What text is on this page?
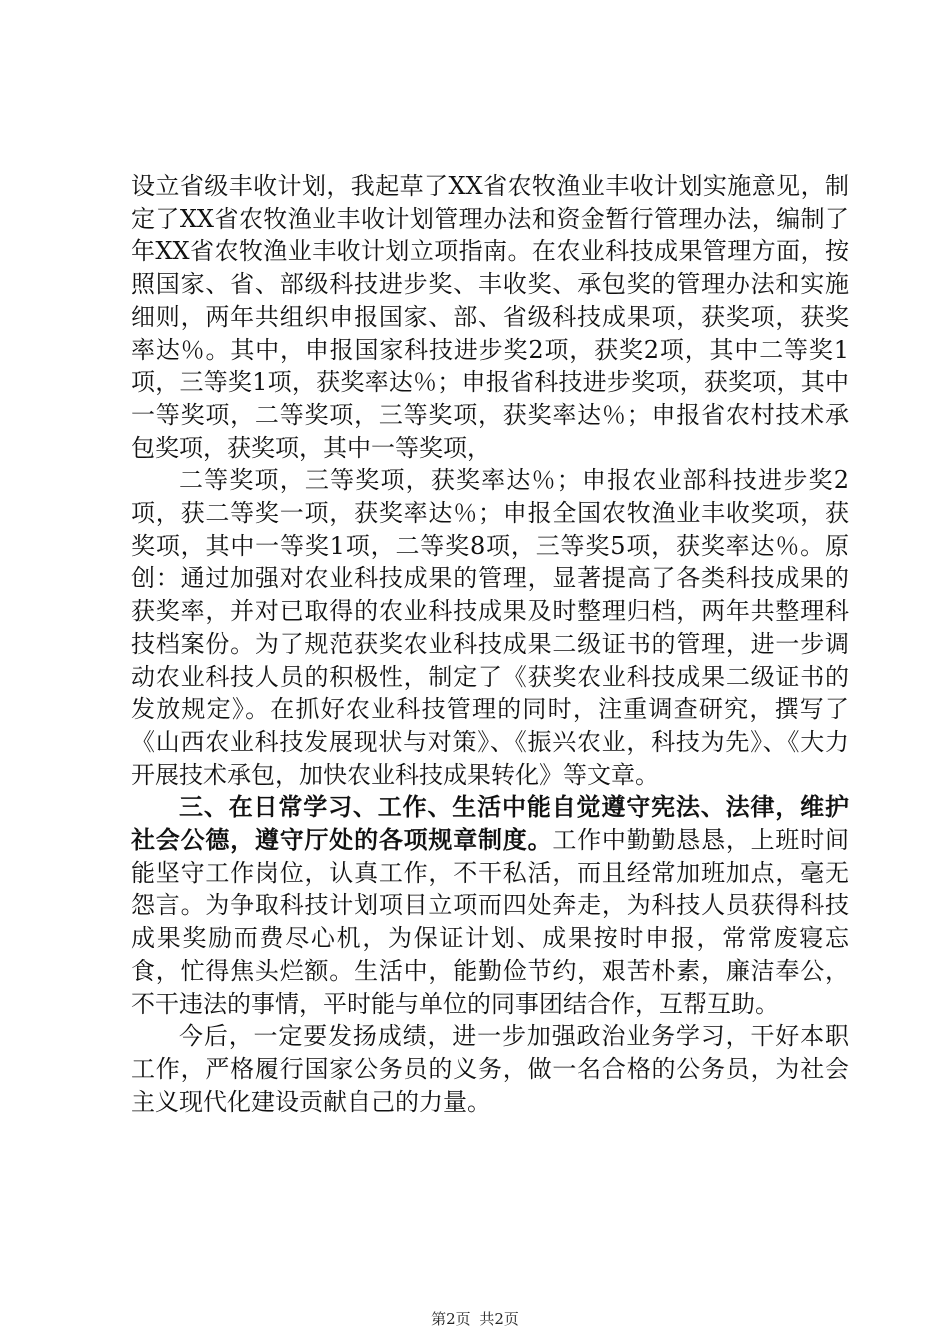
设立省级丰收计划，我起草了XX省农牧渔业丰收计划实施意见，制定了XX省农牧渔业丰收计划管理办法和资金暂行管理办法，编制了年XX省农牧渔业丰收计划立项指南。在农业科技成果管理方面，按照国家、省、部级科技进步奖、丰收奖、承包奖的管理办法和实施细则，两年共组织申报国家、部、省级科技成果项，获奖项，获奖率达％。其中，申报国家科技进步奖2项，获奖2项，其中二等奖1项，三等奖1项，获奖率达％；申报省科技进步奖项，获奖项，其中一等奖项，二等奖项，三等奖项，获奖率达％；申报省农村技术承包奖项，获奖项，其中一等奖项，

二等奖项，三等奖项，获奖率达％；申报农业部科技进步奖2项，获二等奖一项，获奖率达％；申报全国农牧渔业丰收奖项，获奖项，其中一等奖1项，二等奖8项，三等奖5项，获奖率达％。原创：通过加强对农业科技成果的管理，显著提高了各类科技成果的获奖率，并对已取得的农业科技成果及时整理归档，两年共整理科技档案份。为了规范获奖农业科技成果二级证书的管理，进一步调动农业科技人员的积极性，制定了《获奖农业科技成果二级证书的发放规定》。在抓好农业科技管理的同时，注重调查研究，撰写了《山西农业科技发展现状与对策》、《振兴农业，科技为先》、《大力开展技术承包，加快农业科技成果转化》等文章。

三、在日常学习、工作、生活中能自觉遵守宪法、法律，维护社会公德，遵守厅处的各项规章制度。工作中勤勤恳恳，上班时间能坚守工作岗位，认真工作，不干私活，而且经常加班加点，毫无怨言。为争取科技计划项目立项而四处奔走，为科技人员获得科技成果奖励而费尽心机，为保证计划、成果按时申报，常常废寝忘食，忙得焦头烂额。生活中，能勤俭节约，艰苦朴素，廉洁奉公，不干违法的事情，平时能与单位的同事团结合作，互帮互助。

今后，一定要发扬成绩，进一步加强政治业务学习，干好本职工作，严格履行国家公务员的义务，做一名合格的公务员，为社会主义现代化建设贡献自己的力量。

第2页 共2页
